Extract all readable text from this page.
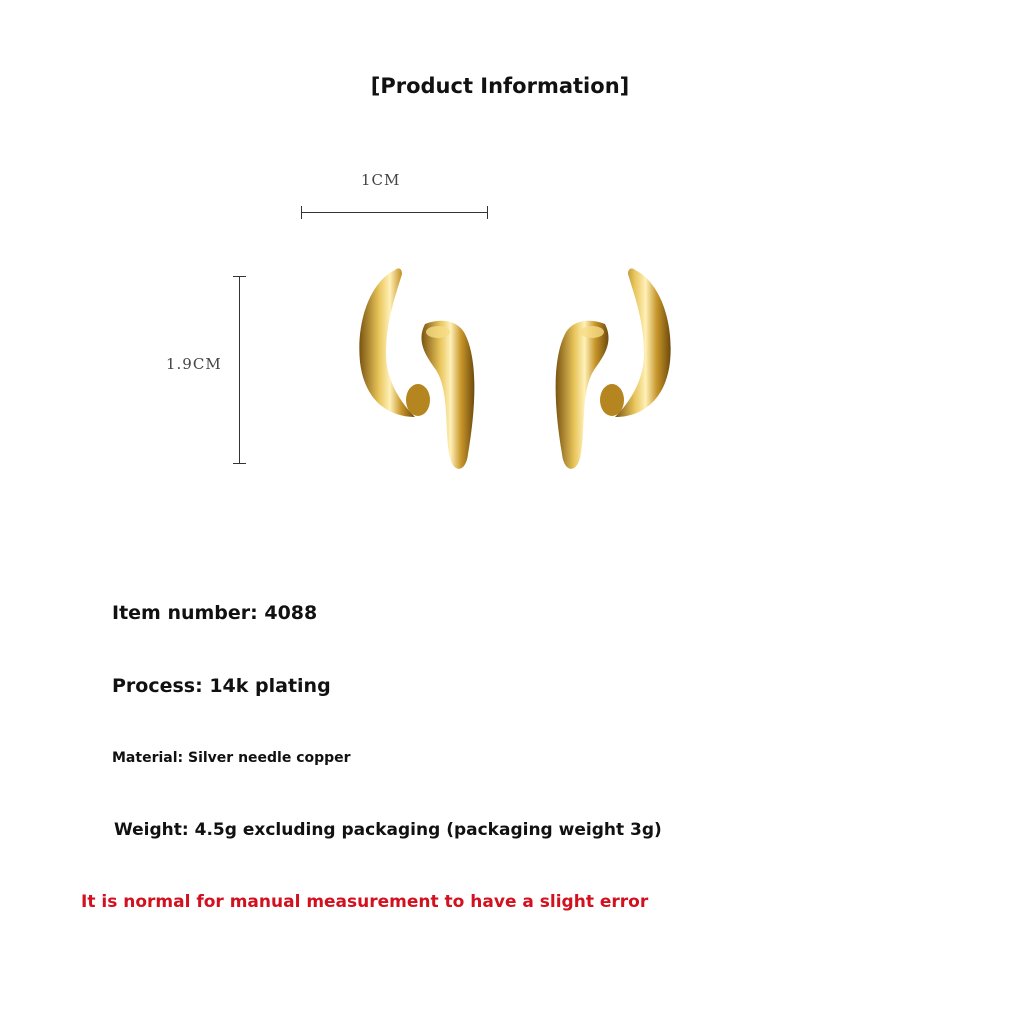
[Product Information]
1CM
1.9CM
Item number: 4088
Process: 14k plating
Material: Silver needle copper
Weight: 4.5g excluding packaging (packaging weight 3g)
It is normal for manual measurement to have a slight error
